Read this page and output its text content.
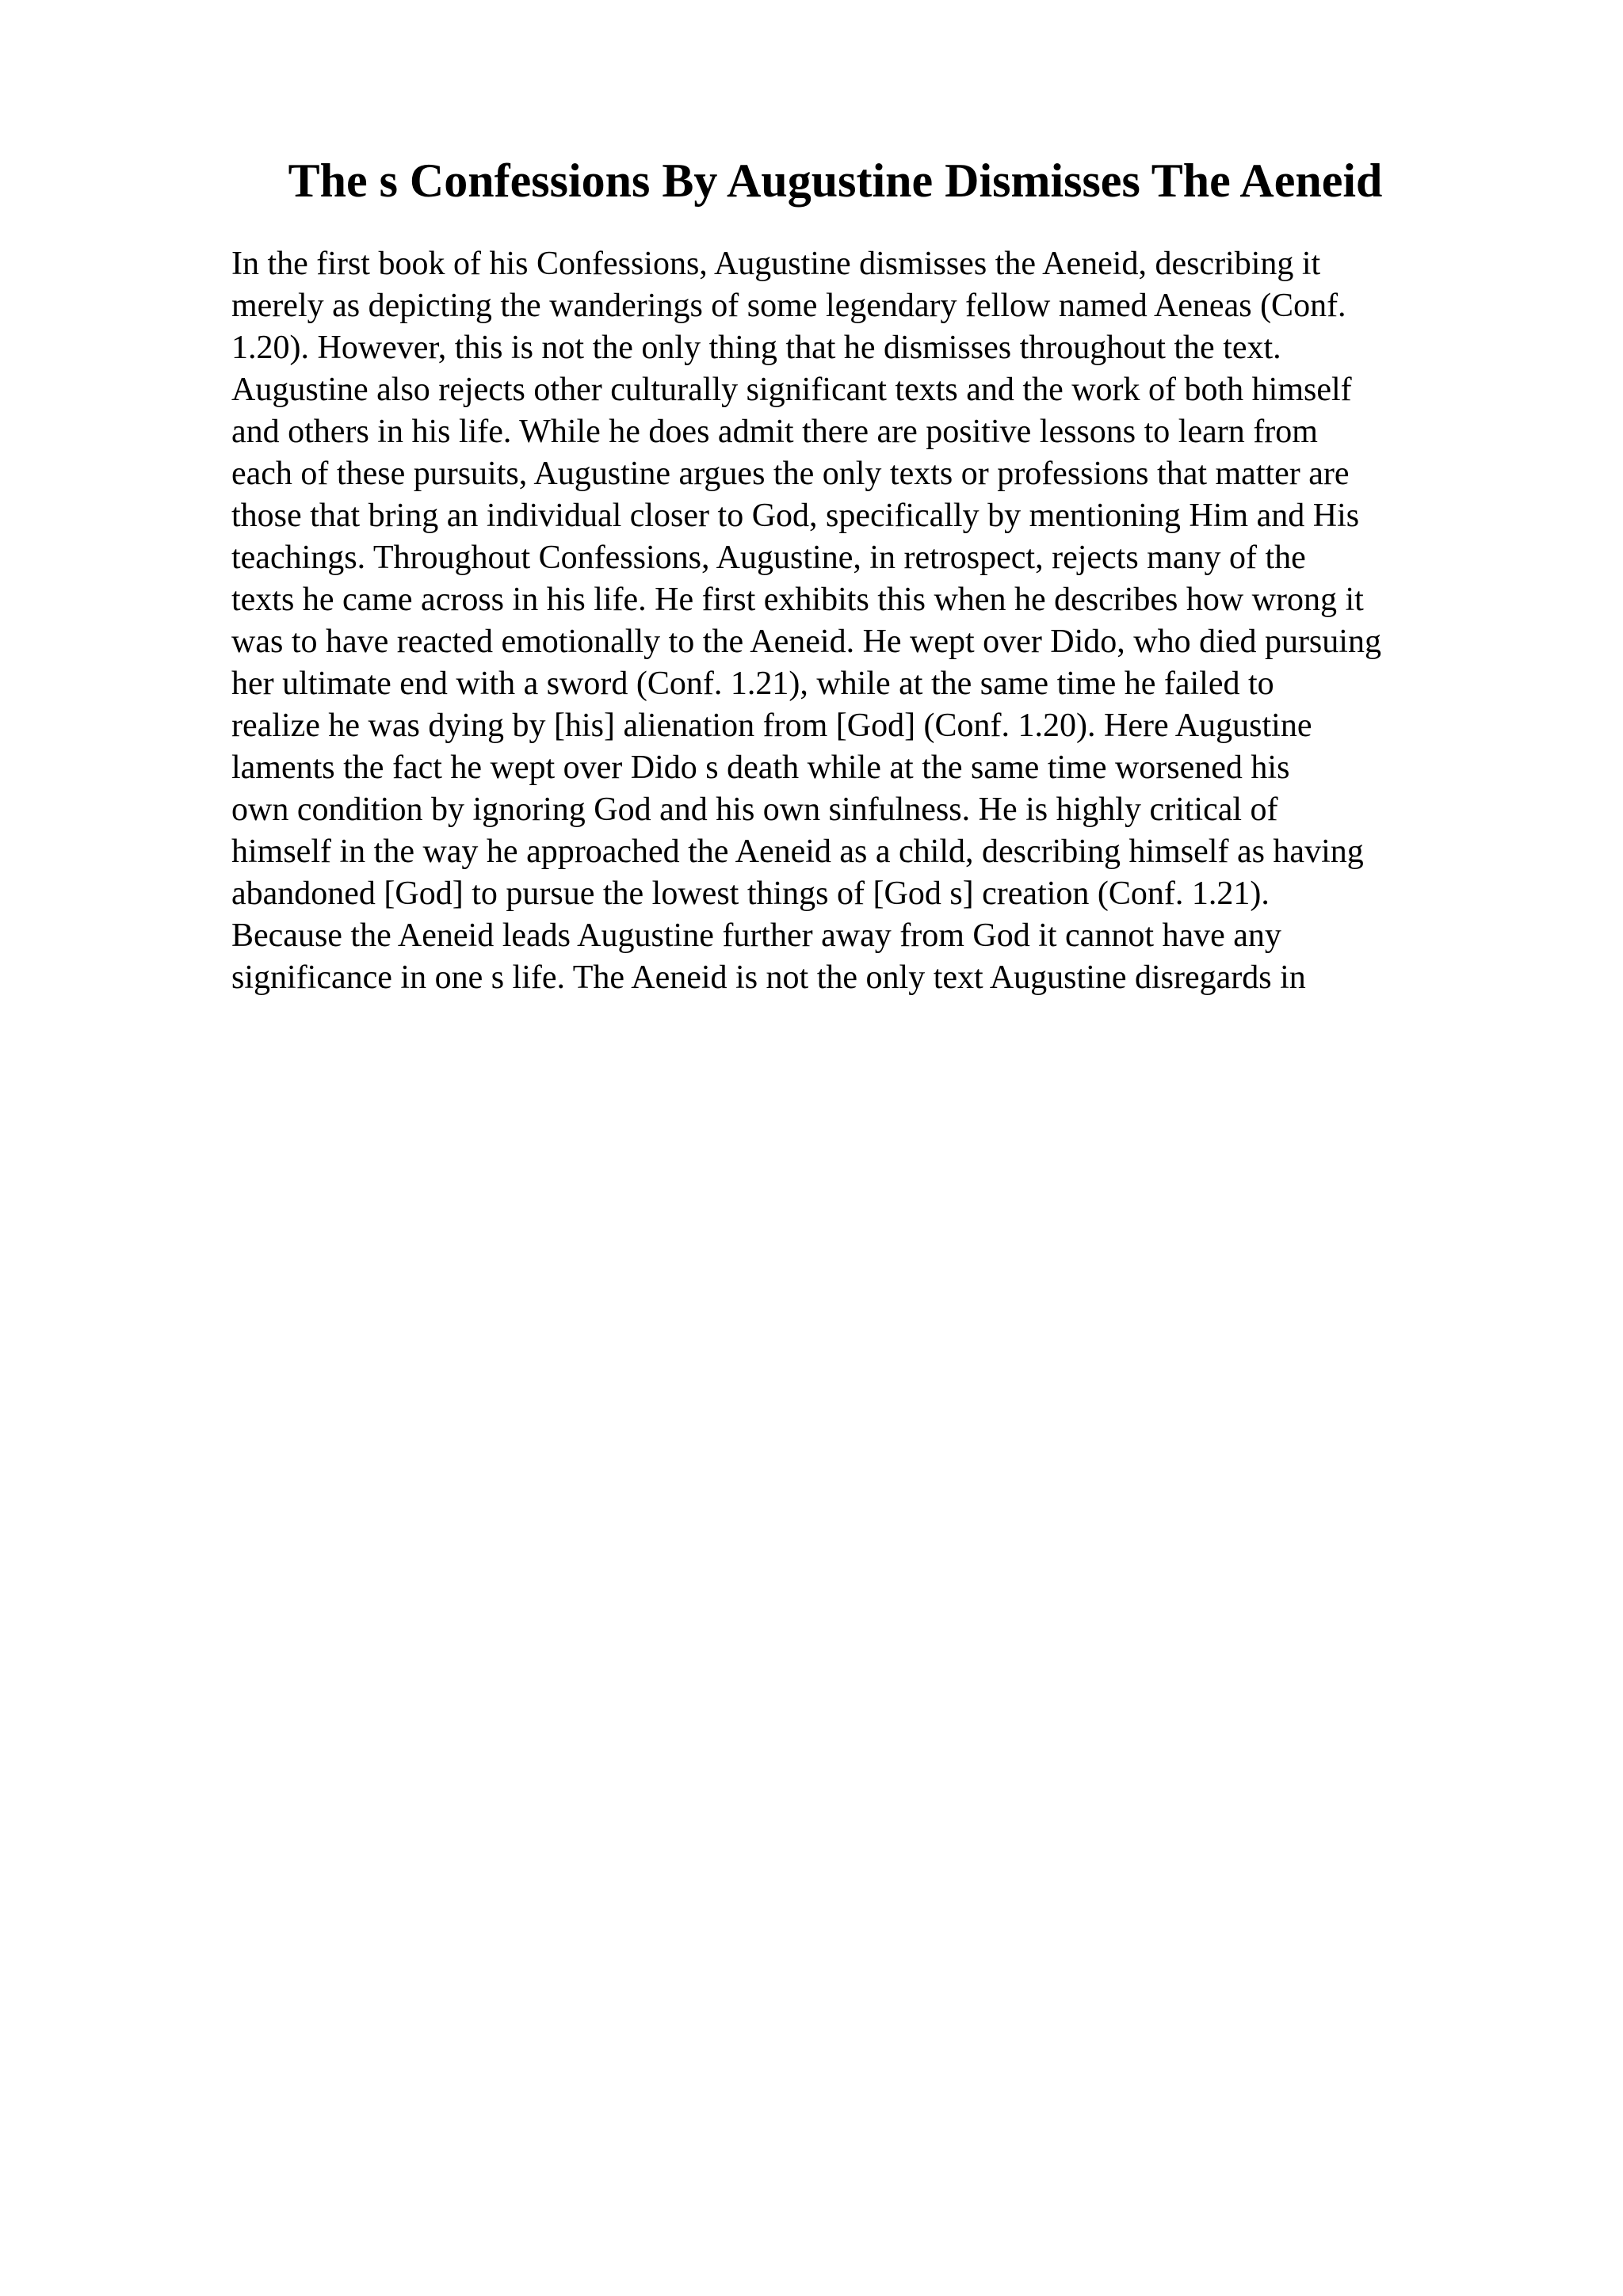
The s Confessions By Augustine Dismisses The Aeneid
In the first book of his Confessions, Augustine dismisses the Aeneid, describing it
merely as depicting the wanderings of some legendary fellow named Aeneas (Conf.
1.20). However, this is not the only thing that he dismisses throughout the text.
Augustine also rejects other culturally significant texts and the work of both himself
and others in his life. While he does admit there are positive lessons to learn from
each of these pursuits, Augustine argues the only texts or professions that matter are
those that bring an individual closer to God, specifically by mentioning Him and His
teachings. Throughout Confessions, Augustine, in retrospect, rejects many of the
texts he came across in his life. He first exhibits this when he describes how wrong it
was to have reacted emotionally to the Aeneid. He wept over Dido, who died pursuing
her ultimate end with a sword (Conf. 1.21), while at the same time he failed to
realize he was dying by [his] alienation from [God] (Conf. 1.20). Here Augustine
laments the fact he wept over Dido s death while at the same time worsened his
own condition by ignoring God and his own sinfulness. He is highly critical of
himself in the way he approached the Aeneid as a child, describing himself as having
abandoned [God] to pursue the lowest things of [God s] creation (Conf. 1.21).
Because the Aeneid leads Augustine further away from God it cannot have any
significance in one s life. The Aeneid is not the only text Augustine disregards in
